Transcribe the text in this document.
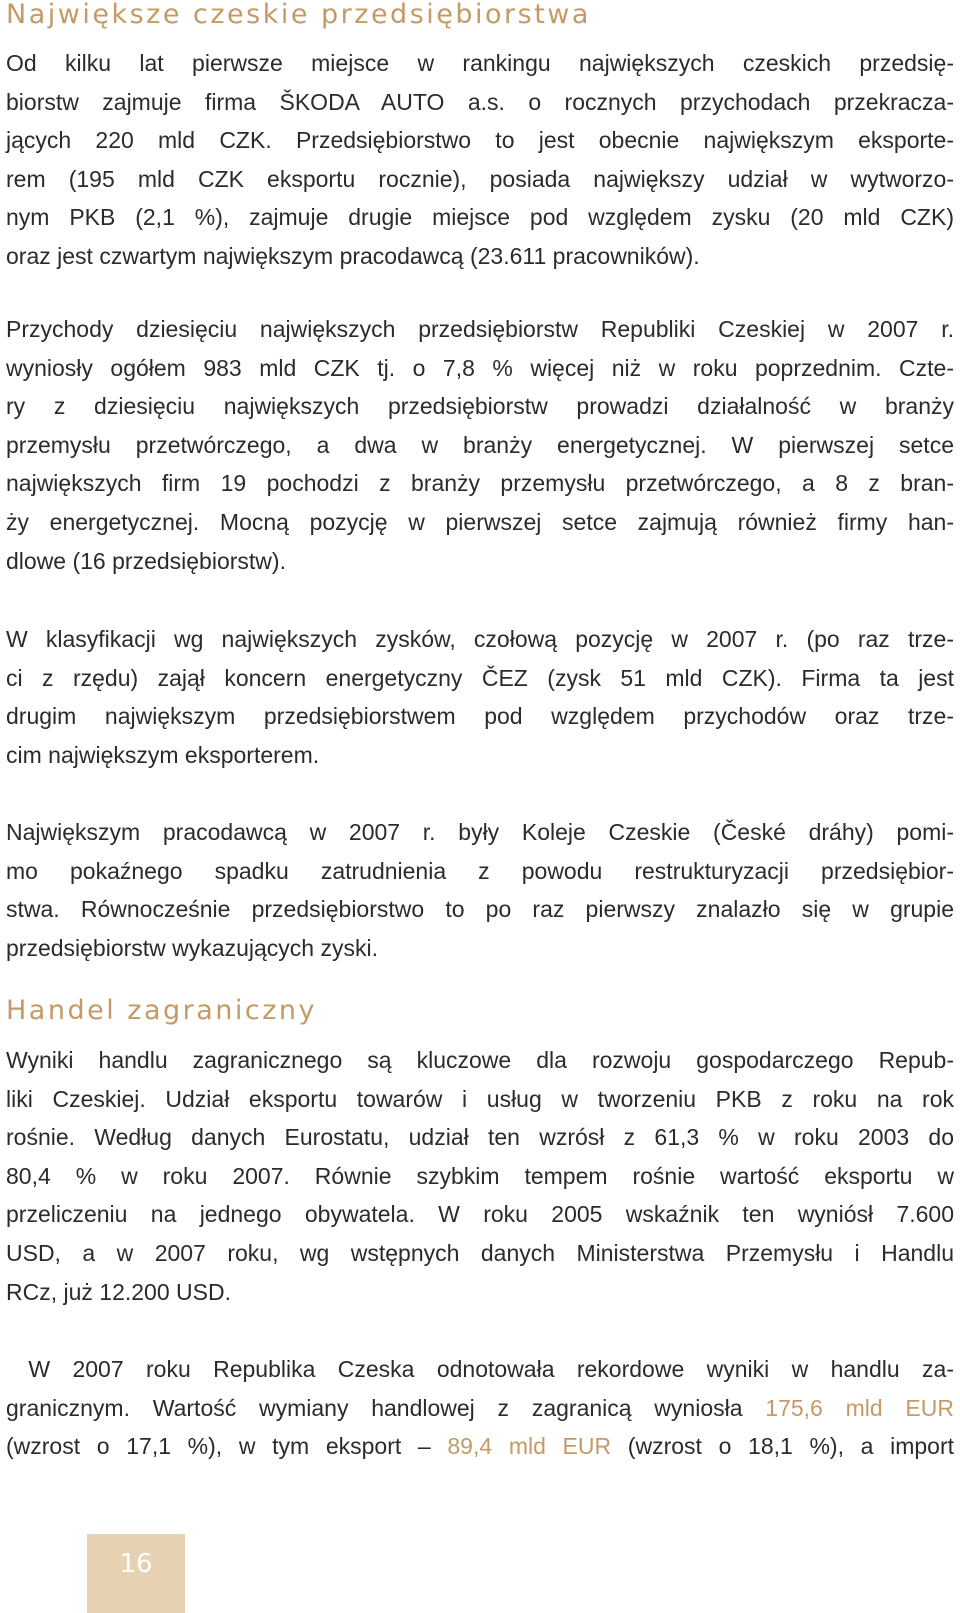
Największe czeskie przedsiębiorstwa

Od kilku lat pierwsze miejsce w rankingu największych czeskich przedsię-
biorstw zajmuje firma ŠKODA AUTO a.s. o rocznych przychodach przekracza-
jących 220 mld CZK. Przedsiębiorstwo to jest obecnie największym eksporte-
rem (195 mld CZK eksportu rocznie), posiada największy udział w wytworzo-
nym PKB (2,1 %), zajmuje drugie miejsce pod względem zysku (20 mld CZK)
oraz jest czwartym największym pracodawcą (23.611 pracowników).

Przychody dziesięciu największych przedsiębiorstw Republiki Czeskiej w 2007 r.
wyniosły ogółem 983 mld CZK tj. o 7,8 % więcej niż w roku poprzednim. Czte-
ry z dziesięciu największych przedsiębiorstw prowadzi działalność w branży
przemysłu przetwórczego, a dwa w branży energetycznej. W pierwszej setce
największych firm 19 pochodzi z branży przemysłu przetwórczego, a 8 z bran-
ży energetycznej. Mocną pozycję w pierwszej setce zajmują również firmy han-
dlowe (16 przedsiębiorstw).

W klasyfikacji wg największych zysków, czołową pozycję w 2007 r. (po raz trze-
ci z rzędu) zajął koncern energetyczny ČEZ (zysk 51 mld CZK). Firma ta jest
drugim największym przedsiębiorstwem pod względem przychodów oraz trze-
cim największym eksporterem.

Największym pracodawcą w 2007 r. były Koleje Czeskie (České dráhy) pomi-
mo pokaźnego spadku zatrudnienia z powodu restrukturyzacji przedsiębior-
stwa. Równocześnie przedsiębiorstwo to po raz pierwszy znalazło się w grupie
przedsiębiorstw wykazujących zyski.

Handel zagraniczny

Wyniki handlu zagranicznego są kluczowe dla rozwoju gospodarczego Repub-
liki Czeskiej. Udział eksportu towarów i usług w tworzeniu PKB z roku na rok
rośnie. Według danych Eurostatu, udział ten wzrósł z 61,3 % w roku 2003 do
80,4 % w roku 2007. Równie szybkim tempem rośnie wartość eksportu w
przeliczeniu na jednego obywatela. W roku 2005 wskaźnik ten wyniósł 7.600
USD, a w 2007 roku, wg wstępnych danych Ministerstwa Przemysłu i Handlu
RCz, już 12.200 USD.

W 2007 roku Republika Czeska odnotowała rekordowe wyniki w handlu za-
granicznym. Wartość wymiany handlowej z zagranicą wyniosła 175,6 mld EUR
(wzrost o 17,1 %), w tym eksport – 89,4 mld EUR (wzrost o 18,1 %), a import

16
